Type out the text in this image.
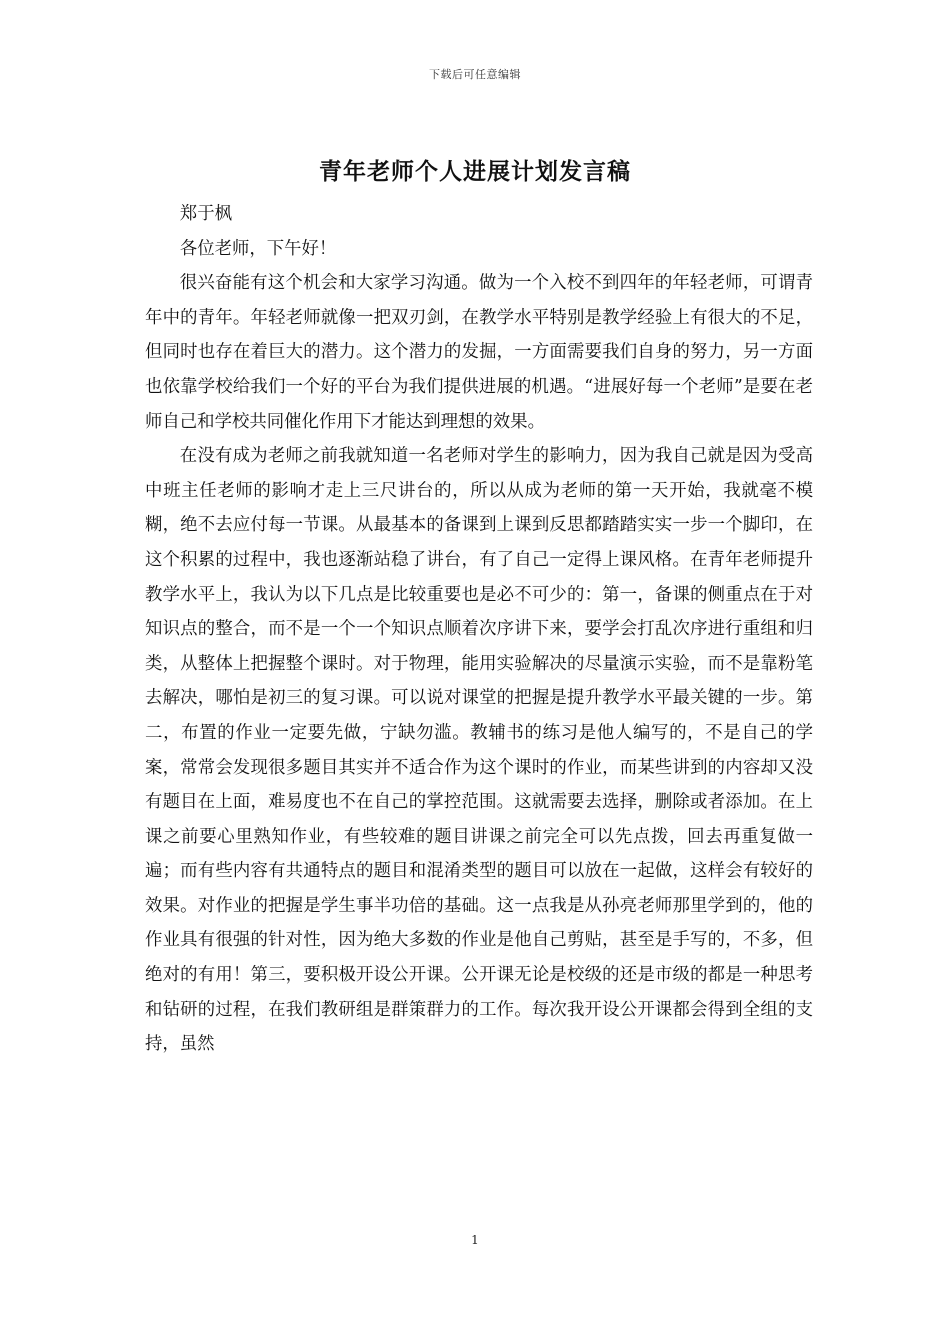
下载后可任意编辑
青年老师个人进展计划发言稿

郑于枫

各位老师，下午好！

很兴奋能有这个机会和大家学习沟通。做为一个入校不到四年的年轻老师，可谓青年中的青年。年轻老师就像一把双刃剑，在教学水平特别是教学经验上有很大的不足，但同时也存在着巨大的潜力。这个潜力的发掘，一方面需要我们自身的努力，另一方面也依靠学校给我们一个好的平台为我们提供进展的机遇。“进展好每一个老师”是要在老师自己和学校共同催化作用下才能达到理想的效果。

在没有成为老师之前我就知道一名老师对学生的影响力，因为我自己就是因为受高中班主任老师的影响才走上三尺讲台的，所以从成为老师的第一天开始，我就毫不模糊，绝不去应付每一节课。从最基本的备课到上课到反思都踏踏实实一步一个脚印，在这个积累的过程中，我也逐渐站稳了讲台，有了自己一定得上课风格。在青年老师提升教学水平上，我认为以下几点是比较重要也是必不可少的：第一，备课的侧重点在于对知识点的整合，而不是一个一个知识点顺着次序讲下来，要学会打乱次序进行重组和归类，从整体上把握整个课时。对于物理，能用实验解决的尽量演示实验，而不是靠粉笔去解决，哪怕是初三的复习课。可以说对课堂的把握是提升教学水平最关键的一步。第二，布置的作业一定要先做，宁缺勿滥。教辅书的练习是他人编写的，不是自己的学案，常常会发现很多题目其实并不适合作为这个课时的作业，而某些讲到的内容却又没有题目在上面，难易度也不在自己的掌控范围。这就需要去选择，删除或者添加。在上课之前要心里熟知作业，有些较难的题目讲课之前完全可以先点拨，回去再重复做一遍；而有些内容有共通特点的题目和混淆类型的题目可以放在一起做，这样会有较好的效果。对作业的把握是学生事半功倍的基础。这一点我是从孙亮老师那里学到的，他的作业具有很强的针对性，因为绝大多数的作业是他自己剪贴，甚至是手写的，不多，但绝对的有用！第三，要积极开设公开课。公开课无论是校级的还是市级的都是一种思考和钻研的过程，在我们教研组是群策群力的工作。每次我开设公开课都会得到全组的支持，虽然

1
